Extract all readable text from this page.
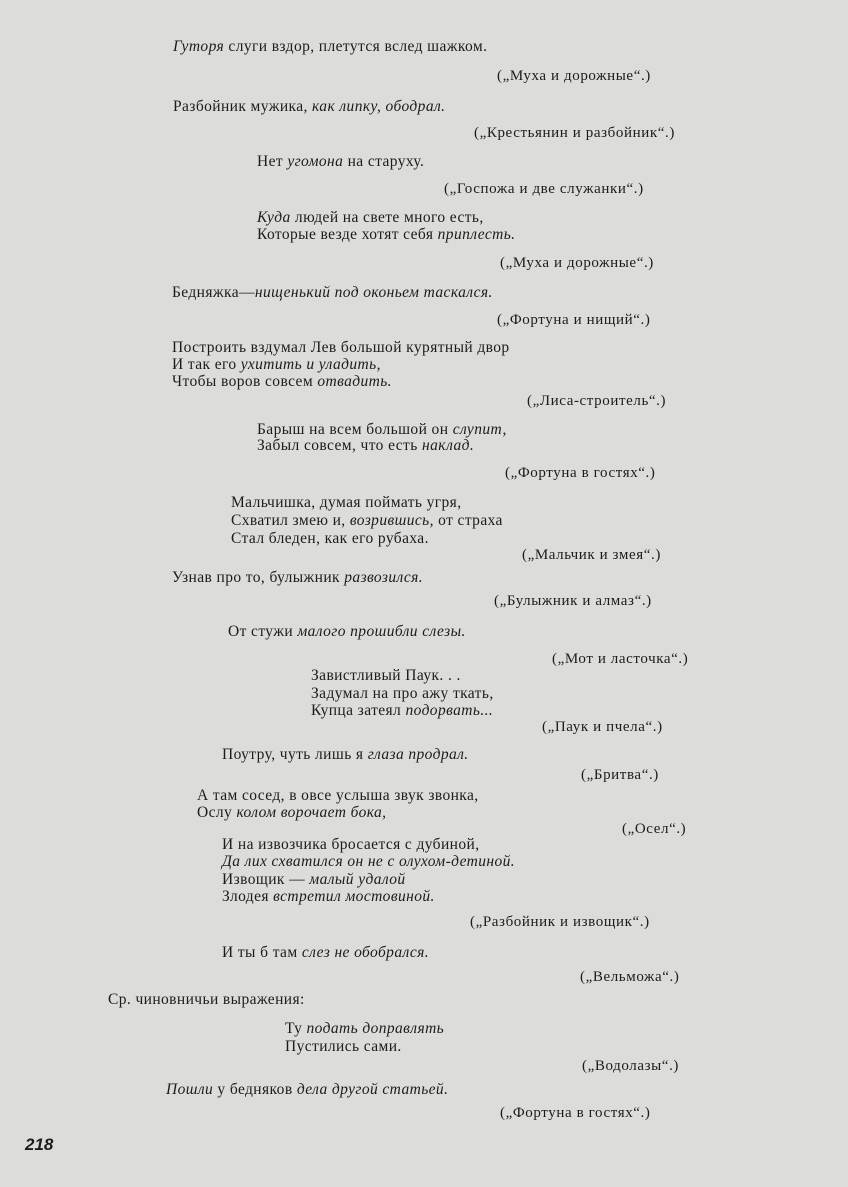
Гуторя слуги вздор, плетутся вслед шажком.
(„Муха и дорожные“.)
Разбойник мужика, как липку, ободрал.
(„Крестьянин и разбойник“.)
Нет угомона на старуху.
(„Госпожа и две служанки“.)
Куда людей на свете много есть,
Которые везде хотят себя приплесть.
(„Муха и дорожные“.)
Бедняжка—нищенький под оконьем таскался.
(„Фортуна и нищий“.)
Построить вздумал Лев большой курятный двор
И так его ухитить и уладить,
Чтобы воров совсем отвадить.
(„Лиса-строитель“.)
Барыш на всем большой он слупит,
Забыл совсем, что есть наклад.
(„Фортуна в гостях“.)
Мальчишка, думая поймать угря,
Схватил змею и, возрившись, от страха
Стал бледен, как его рубаха.
(„Мальчик и змея“.)
Узнав про то, булыжник развозился.
(„Булыжник и алмаз“.)
От стужи малого прошибли слезы.
(„Мот и ласточка“.)
Завистливый Паук. . .
Задумал на про ажу ткать,
Купца затеял подорвать...
(„Паук и пчела“.)
Поутру, чуть лишь я глаза продрал.
(„Бритва“.)
А там сосед, в овсе услыша звук звонка,
Ослу колом ворочает бока,
(„Осел“.)
И на извозчика бросается с дубиной,
Да лих схватился он не с олухом-детиной.
Извощик — малый удалой
Злодея встретил мостовиной.
(„Разбойник и извощик“.)
И ты б там слез не обобрался.
(„Вельможа“.)
Ср. чиновничьи выражения:
Ту подать доправлять
Пустились сами.
(„Водолазы“.)
Пошли у бедняков дела другой статьей.
(„Фортуна в гостях“.)
218
